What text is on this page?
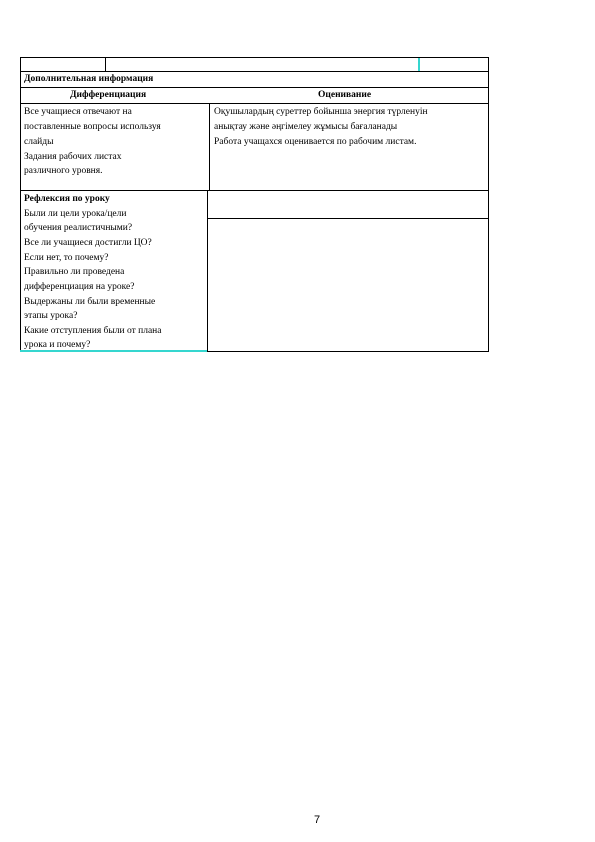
Дополнительная информация
Дифференциация	Оценивание
Все учащиеся отвечают на
поставленные вопросы используя
слайды
Задания рабочих листах
различного уровня.
Оқушылардың суреттер бойынша энергия түрленуін
анықтау және әңгімелеу жұмысы бағаланады
Работа учащахся оценивается по рабочим листам.
Рефлексия по уроку
Были ли цели урока/цели
обучения реалистичными?
Все ли учащиеся достигли ЦО?
Если нет, то почему?
Правильно ли проведена
дифференциация на уроке?
Выдержаны ли были временные
этапы урока?
Какие отступления были от плана
урока и почему?
7
